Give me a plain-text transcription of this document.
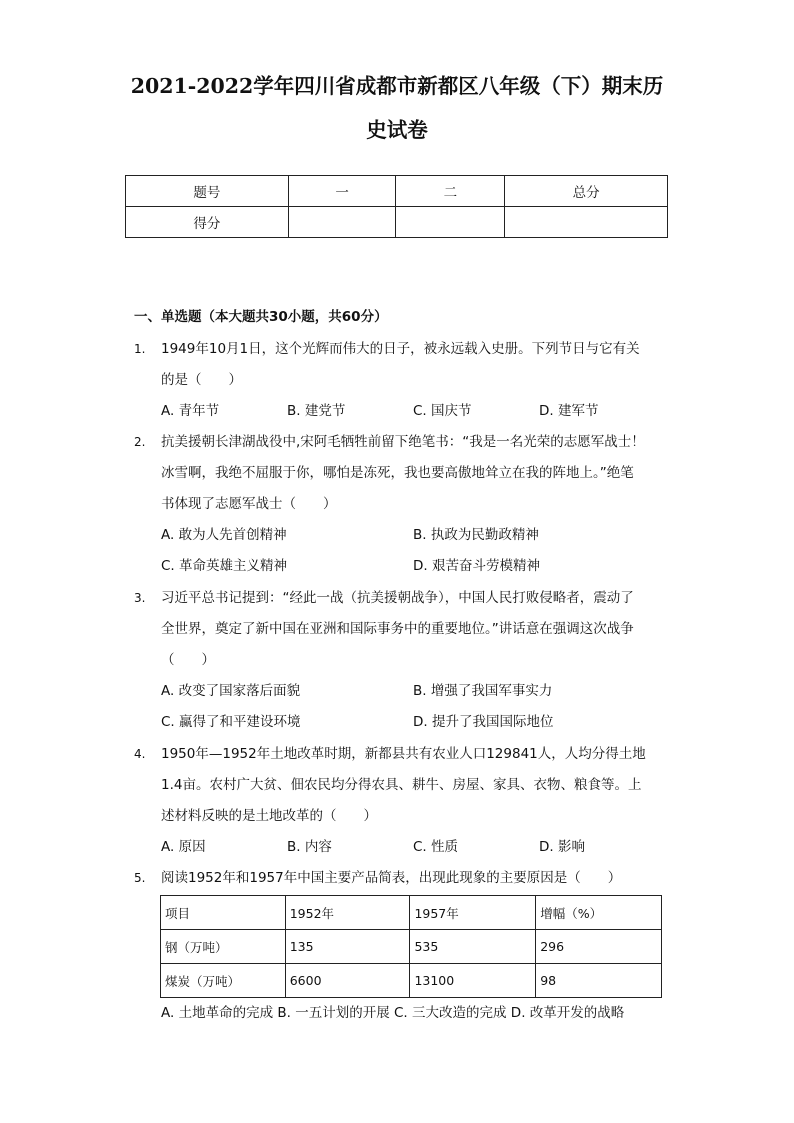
2021-2022学年四川省成都市新都区八年级（下）期末历
史试卷
题号	一	二	总分
得分			
一、单选题（本大题共30小题，共60分）
1.	1949年10月1日，这个光辉而伟大的日子，被永远载入史册。下列节日与它有关
的是（　　）
A. 青年节	B. 建党节	C. 国庆节	D. 建军节
2.	抗美援朝长津湖战役中,宋阿毛牺牲前留下绝笔书：“我是一名光荣的志愿军战士！
冰雪啊，我绝不屈服于你，哪怕是冻死，我也要高傲地耸立在我的阵地上。”绝笔
书体现了志愿军战士（　　）
A. 敢为人先首创精神	B. 执政为民勤政精神
C. 革命英雄主义精神	D. 艰苦奋斗劳模精神
3.	习近平总书记提到：“经此一战（抗美援朝战争），中国人民打败侵略者，震动了
全世界，奠定了新中国在亚洲和国际事务中的重要地位。”讲话意在强调这次战争
（　　）
A. 改变了国家落后面貌	B. 增强了我国军事实力
C. 赢得了和平建设环境	D. 提升了我国国际地位
4.	1950年—1952年土地改革时期，新都县共有农业人口129841人，人均分得土地
1.4亩。农村广大贫、佃农民均分得农具、耕牛、房屋、家具、衣物、粮食等。上
述材料反映的是土地改革的（　　）
A. 原因	B. 内容	C. 性质	D. 影响
5.	阅读1952年和1957年中国主要产品简表，出现此现象的主要原因是（　　）
项目	1952年	1957年	增幅（%）
钢（万吨）	135	535	296
煤炭（万吨）	6600	13100	98
A. 土地革命的完成 B. 一五计划的开展 C. 三大改造的完成 D. 改革开发的战略
